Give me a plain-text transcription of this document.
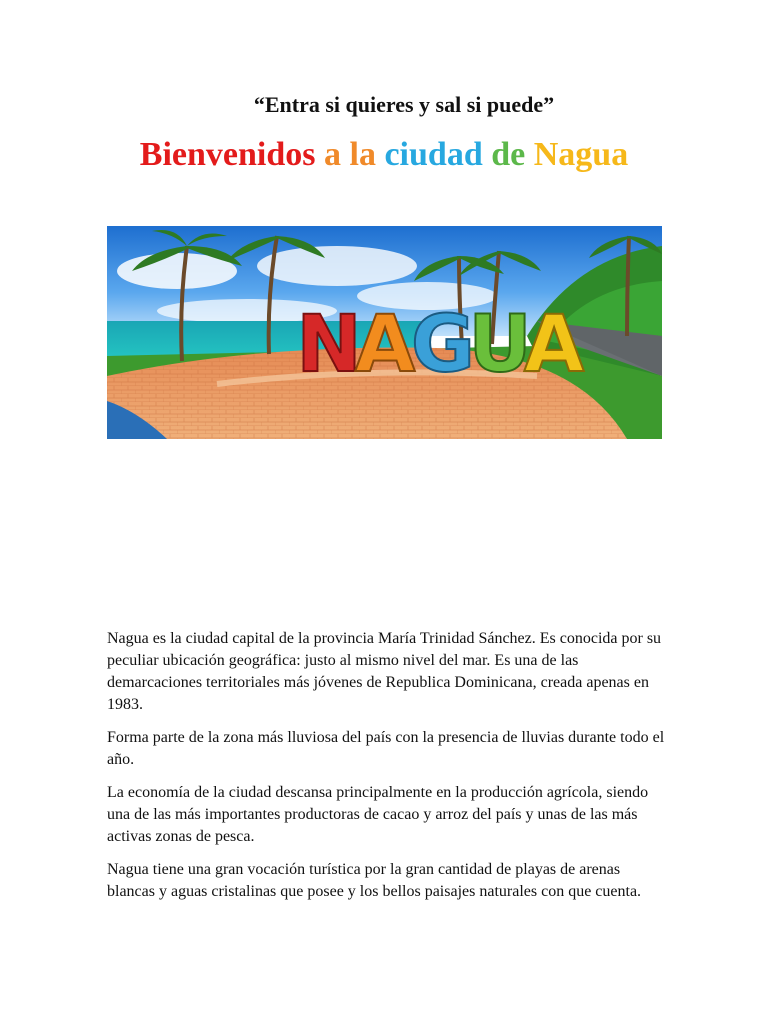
“Entra si quieres y sal si puede”
Bienvenidos a la ciudad de Nagua
N
A
G
U
A

Nagua es la ciudad capital de la provincia María Trinidad Sánchez. Es conocida por su peculiar ubicación geográfica: justo al mismo nivel del mar. Es una de las demarcaciones territoriales más jóvenes de Republica Dominicana, creada apenas en 1983.

Forma parte de la zona más lluviosa del país con la presencia de lluvias durante todo el año.

La economía de la ciudad descansa principalmente en la producción agrícola, siendo una de las más importantes productoras de cacao y arroz del país y unas de las más activas zonas de pesca.

Nagua tiene una gran vocación turística por la gran cantidad de playas de arenas blancas y aguas cristalinas que posee y los bellos paisajes naturales con que cuenta.
